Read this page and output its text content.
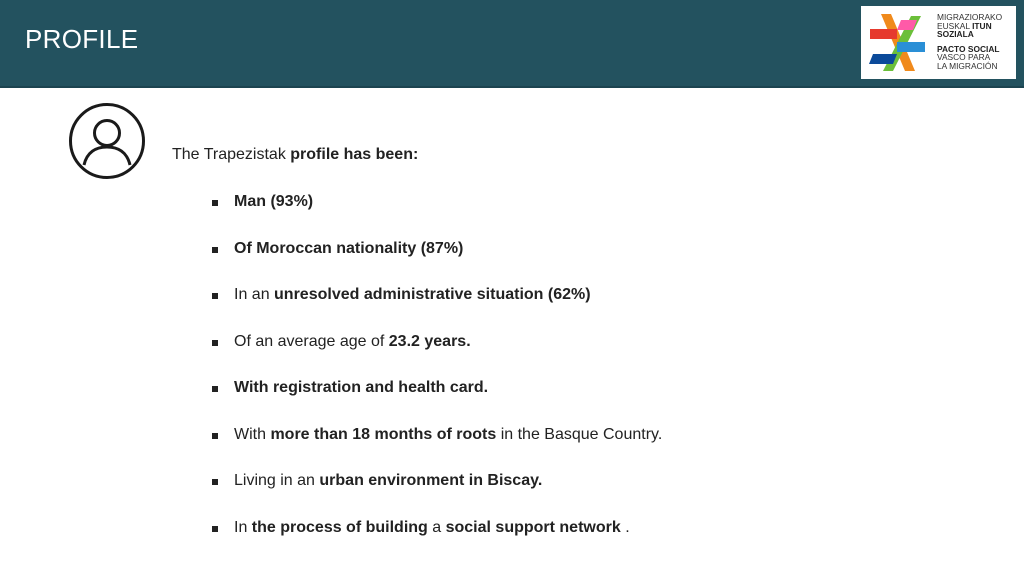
PROFILE
MIGRAZIORAKO
EUSKAL ITUN
SOZIALA
PACTO SOCIAL
VASCO PARA
LA MIGRACIÓN
The Trapezistak profile has been:
Man (93%)
Of Moroccan nationality (87%)
In an unresolved administrative situation (62%)
Of an average age of 23.2 years.
With registration and health card.
With more than 18 months of roots in the Basque Country.
Living in an urban environment in Biscay.
In the process of building a social support network .
